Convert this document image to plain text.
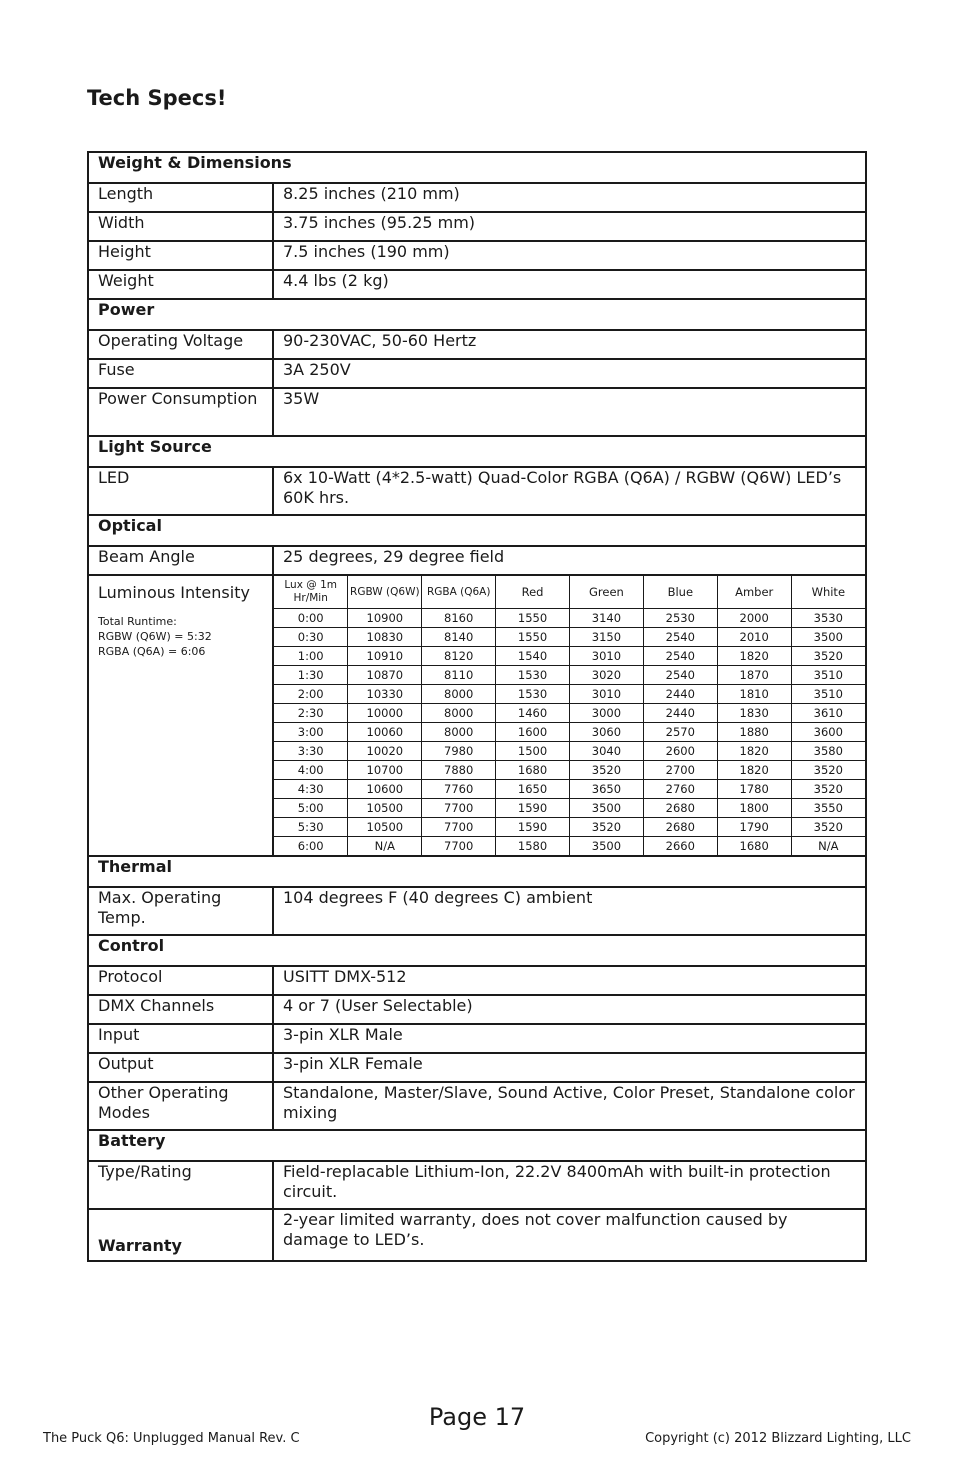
Tech Specs!
Weight & Dimensions
Length	8.25 inches (210 mm)
Width	3.75 inches (95.25 mm)
Height	7.5 inches (190 mm)
Weight	4.4 lbs (2 kg)
Power
Operating Voltage	90-230VAC, 50-60 Hertz
Fuse	3A 250V
Power Consumption	35W
Light Source
LED	6x 10-Watt (4*2.5-watt) Quad-Color RGBA (Q6A) / RGBW (Q6W) LED’s 60K hrs.
Optical
Beam Angle	25 degrees, 29 degree field

Luminous Intensity
Total Runtime:
RGBW (Q6W) = 5:32
RGBA (Q6A) = 6:06

Lux @ 1m Hr/Min	RGBW (Q6W)	RGBA (Q6A)	Red	Green	Blue	Amber	White
0:00	10900	8160	1550	3140	2530	2000	3530
0:30	10830	8140	1550	3150	2540	2010	3500
1:00	10910	8120	1540	3010	2540	1820	3520
1:30	10870	8110	1530	3020	2540	1870	3510
2:00	10330	8000	1530	3010	2440	1810	3510
2:30	10000	8000	1460	3000	2440	1830	3610
3:00	10060	8000	1600	3060	2570	1880	3600
3:30	10020	7980	1500	3040	2600	1820	3580
4:00	10700	7880	1680	3520	2700	1820	3520
4:30	10600	7760	1650	3650	2760	1780	3520
5:00	10500	7700	1590	3500	2680	1800	3550
5:30	10500	7700	1590	3520	2680	1790	3520
6:00	N/A	7700	1580	3500	2660	1680	N/A

Thermal
Max. Operating Temp.	104 degrees F (40 degrees C) ambient
Control
Protocol	USITT DMX-512
DMX Channels	4 or 7 (User Selectable)
Input	3-pin XLR Male
Output	3-pin XLR Female
Other Operating Modes	Standalone, Master/Slave, Sound Active, Color Preset, Standalone color mixing
Battery
Type/Rating	Field-replacable Lithium-Ion, 22.2V 8400mAh with built-in protection circuit.
Warranty	2-year limited warranty, does not cover malfunction caused by damage to LED’s.
Page 17
The Puck Q6: Unplugged Manual Rev. C	Copyright (c) 2012 Blizzard Lighting, LLC
